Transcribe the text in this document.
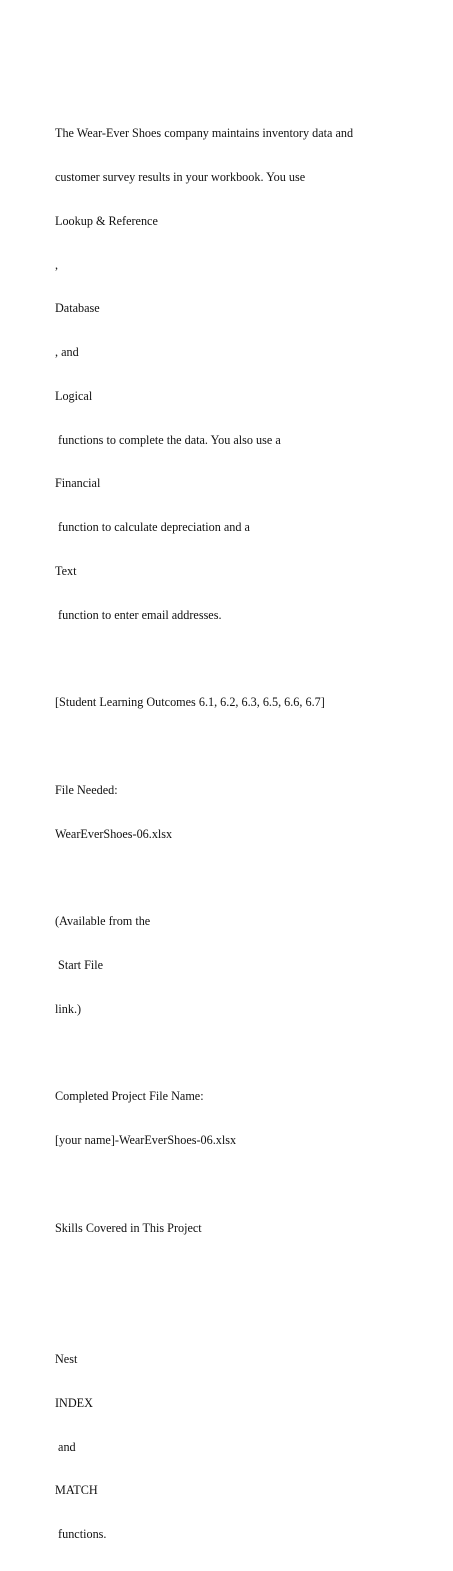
The Wear-Ever Shoes company maintains inventory data and

customer survey results in your workbook. You use

Lookup & Reference

,

Database

, and

Logical

functions to complete the data. You also use a

Financial

function to calculate depreciation and a

Text

function to enter email addresses.

[Student Learning Outcomes 6.1, 6.2, 6.3, 6.5, 6.6, 6.7]

File Needed:

WearEverShoes-06.xlsx

(Available from the

Start File

link.)

Completed Project File Name:

[your name]-WearEverShoes-06.xlsx

Skills Covered in This Project

Nest

INDEX

and

MATCH

functions.
